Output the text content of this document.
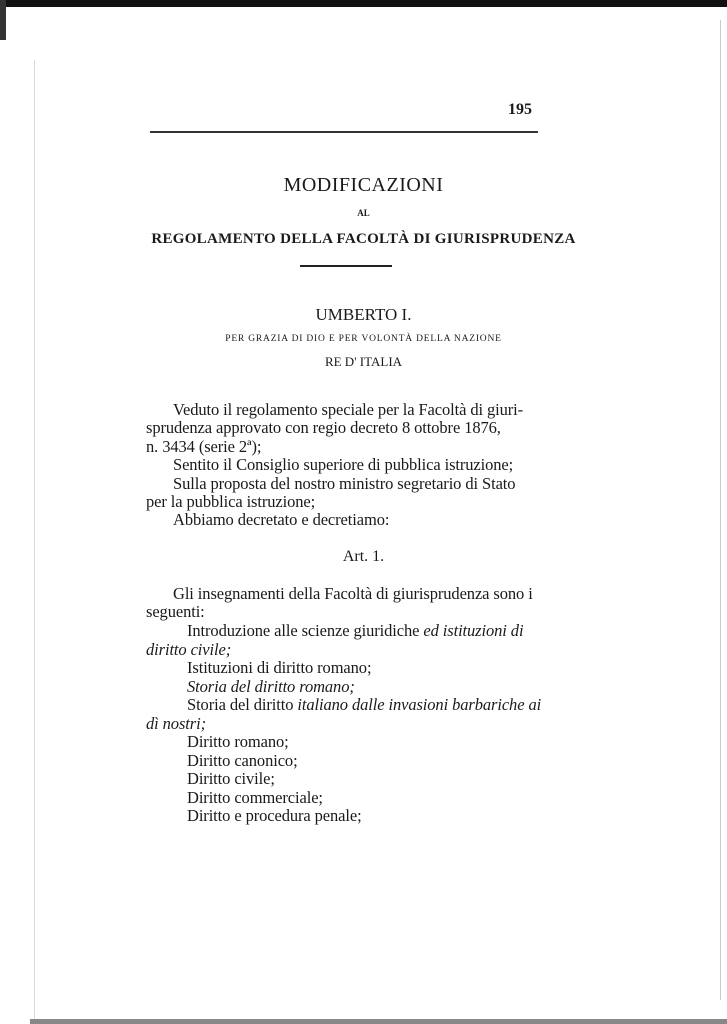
195
MODIFICAZIONI
AL
REGOLAMENTO DELLA FACOLTÀ DI GIURISPRUDENZA
UMBERTO I.
PER GRAZIA DI DIO E PER VOLONTÀ DELLA NAZIONE
RE D' ITALIA
Veduto il regolamento speciale per la Facoltà di giuri-
sprudenza approvato con regio decreto 8 ottobre 1876,
n. 3434 (serie 2ª);
Sentito il Consiglio superiore di pubblica istruzione;
Sulla proposta del nostro ministro segretario di Stato
per la pubblica istruzione;
Abbiamo decretato e decretiamo:
Art. 1.
Gli insegnamenti della Facoltà di giurisprudenza sono i
seguenti:
Introduzione alle scienze giuridiche ed istituzioni di
diritto civile;
Istituzioni di diritto romano;
Storia del diritto romano;
Storia del diritto italiano dalle invasioni barbariche ai
dì nostri;
Diritto romano;
Diritto canonico;
Diritto civile;
Diritto commerciale;
Diritto e procedura penale;
